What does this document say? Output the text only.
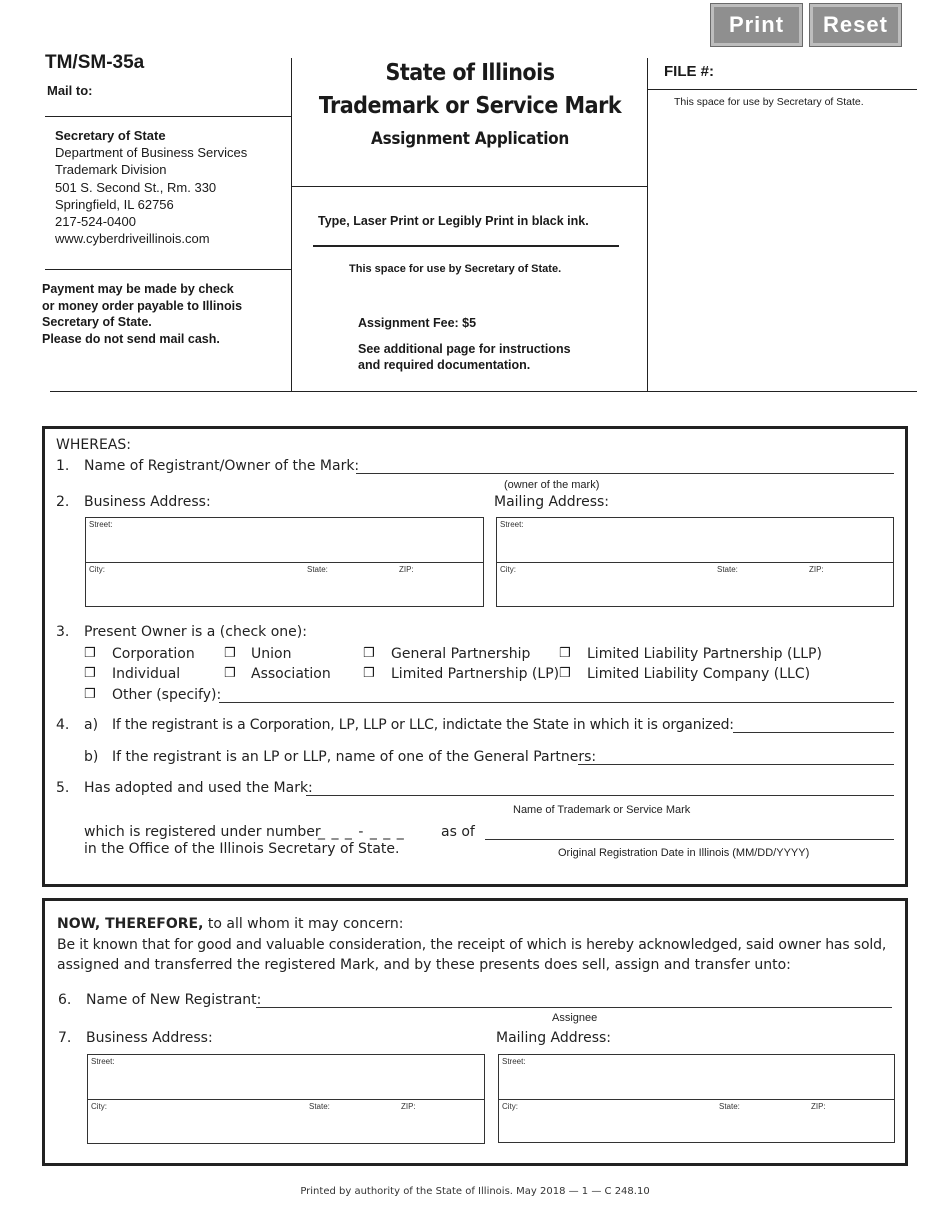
Print	Reset
TM/SM-35a
Mail to:
Secretary of State
Department of Business Services
Trademark Division
501 S. Second St., Rm. 330
Springfield, IL 62756
217-524-0400
www.cyberdriveillinois.com
Payment may be made by check
or money order payable to Illinois
Secretary of State.
Please do not send mail cash.
State of Illinois
Trademark or Service Mark
Assignment Application
Type, Laser Print or Legibly Print in black ink.
This space for use by Secretary of State.
Assignment Fee: $5
See additional page for instructions
and required documentation.
FILE #:
This space for use by Secretary of State.
WHEREAS:
1. Name of Registrant/Owner of the Mark:
(owner of the mark)
2. Business Address:	Mailing Address:
Street:
City:	State:	ZIP:
Street:
City:	State:	ZIP:
3. Present Owner is a (check one):
❒ Corporation ❒ Union	❒ General Partnership ❒ Limited Liability Partnership (LLP)
❒ Individual	❒ Association ❒ Limited Partnership (LP) ❒ Limited Liability Company (LLC)
❒ Other (specify):
4. a) If the registrant is a Corporation, LP, LLP or LLC, indictate the State in which it is organized:
b) If the registrant is an LP or LLP, name of one of the General Partners:
5. Has adopted and used the Mark:
Name of Trademark or Service Mark
which is registered under number
_ _ _ - _ _ _	as of
in the Office of the Illinois Secretary of State.	Original Registration Date in Illinois (MM/DD/YYYY)
NOW, THEREFORE, to all whom it may concern:
Be it known that for good and valuable consideration, the receipt of which is hereby acknowledged, said owner has sold,
assigned and transferred the registered Mark, and by these presents does sell, assign and transfer unto:
6. Name of New Registrant:
Assignee
7. Business Address:	Mailing Address:
Street:
City:	State:	ZIP:
Street:
City:	State:	ZIP:
Printed by authority of the State of Illinois. May 2018 — 1 — C 248.10
